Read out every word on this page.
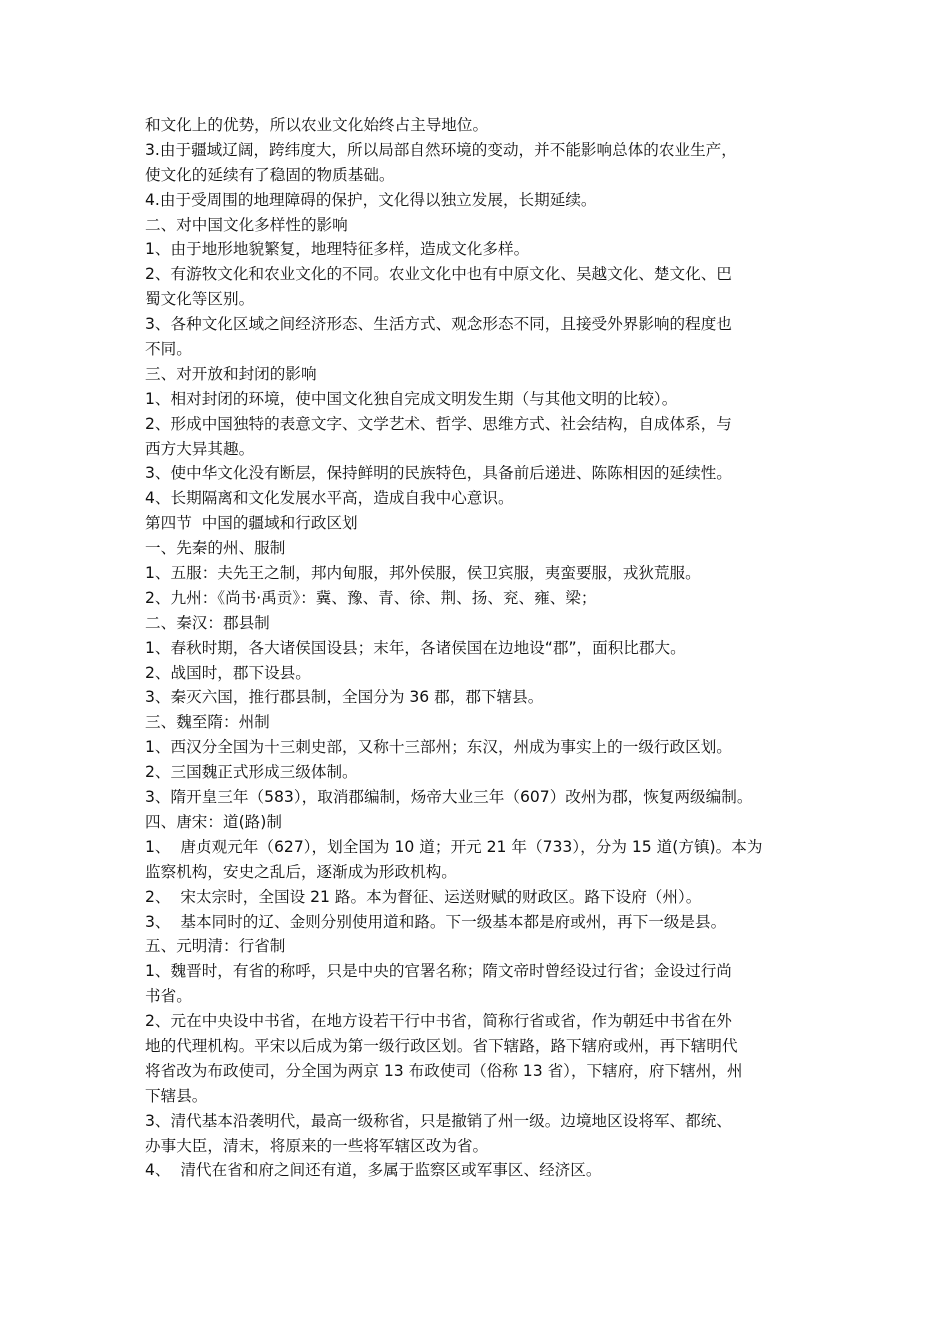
和文化上的优势，所以农业文化始终占主导地位。
3.由于疆域辽阔，跨纬度大，所以局部自然环境的变动，并不能影响总体的农业生产，
使文化的延续有了稳固的物质基础。
4.由于受周围的地理障碍的保护，文化得以独立发展，长期延续。
二、对中国文化多样性的影响
1、由于地形地貌繁复，地理特征多样，造成文化多样。
2、有游牧文化和农业文化的不同。农业文化中也有中原文化、吴越文化、楚文化、巴
蜀文化等区别。
3、各种文化区域之间经济形态、生活方式、观念形态不同，且接受外界影响的程度也
不同。
三、对开放和封闭的影响
1、相对封闭的环境，使中国文化独自完成文明发生期（与其他文明的比较）。
2、形成中国独特的表意文字、文学艺术、哲学、思维方式、社会结构，自成体系，与
西方大异其趣。
3、使中华文化没有断层，保持鲜明的民族特色，具备前后递进、陈陈相因的延续性。
4、长期隔离和文化发展水平高，造成自我中心意识。
第四节  中国的疆域和行政区划
一、先秦的州、服制
1、五服：夫先王之制，邦内甸服，邦外侯服，侯卫宾服，夷蛮要服，戎狄荒服。
2、九州：《尚书·禹贡》：冀、豫、青、徐、荆、扬、兖、雍、梁；
二、秦汉：郡县制
1、春秋时期，各大诸侯国设县；末年，各诸侯国在边地设“郡”，面积比郡大。
2、战国时，郡下设县。
3、秦灭六国，推行郡县制，全国分为 36 郡，郡下辖县。
三、魏至隋：州制
1、西汉分全国为十三刺史部，又称十三部州；东汉，州成为事实上的一级行政区划。
2、三国魏正式形成三级体制。
3、隋开皇三年（583），取消郡编制，炀帝大业三年（607）改州为郡，恢复两级编制。
四、唐宋：道(路)制
1、  唐贞观元年（627），划全国为 10 道；开元 21 年（733），分为 15 道(方镇)。本为
监察机构，安史之乱后，逐渐成为形政机构。
2、  宋太宗时，全国设 21 路。本为督征、运送财赋的财政区。路下设府（州）。
3、  基本同时的辽、金则分别使用道和路。下一级基本都是府或州，再下一级是县。
五、元明清：行省制
1、魏晋时，有省的称呼，只是中央的官署名称；隋文帝时曾经设过行省；金设过行尚
书省。
2、元在中央设中书省，在地方设若干行中书省，简称行省或省，作为朝廷中书省在外
地的代理机构。平宋以后成为第一级行政区划。省下辖路，路下辖府或州，再下辖明代
将省改为布政使司，分全国为两京 13 布政使司（俗称 13 省），下辖府，府下辖州，州
下辖县。
3、清代基本沿袭明代，最高一级称省，只是撤销了州一级。边境地区设将军、都统、
办事大臣，清末，将原来的一些将军辖区改为省。
4、  清代在省和府之间还有道，多属于监察区或军事区、经济区。
